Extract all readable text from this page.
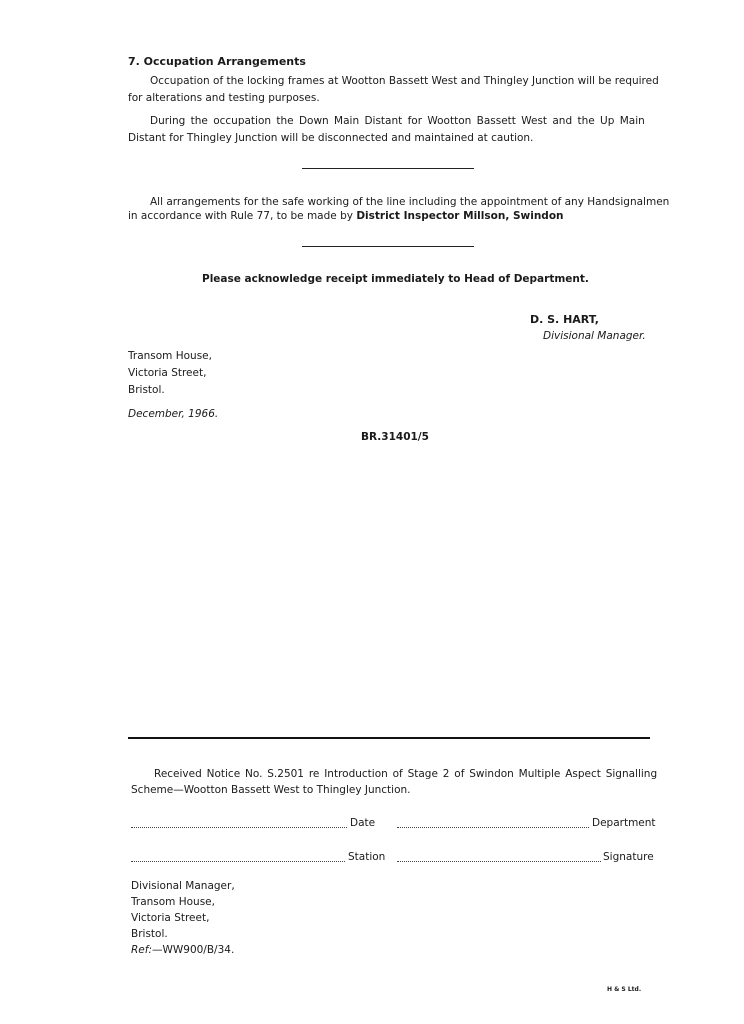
7. Occupation Arrangements
Occupation of the locking frames at Wootton Bassett West and Thingley Junction will be required
for alterations and testing purposes.
During the occupation the Down Main Distant for Wootton Bassett West and the Up Main
Distant for Thingley Junction will be disconnected and maintained at caution.
All arrangements for the safe working of the line including the appointment of any Handsignalmen
in accordance with Rule 77, to be made by District Inspector Millson, Swindon
Please acknowledge receipt immediately to Head of Department.
D. S. HART,
Divisional Manager.
Transom House,
Victoria Street,
Bristol.
December, 1966.
BR.31401/5
Received Notice No. S.2501 re Introduction of Stage 2 of Swindon Multiple Aspect Signalling
Scheme—Wootton Bassett West to Thingley Junction.
Date	Department
Station	Signature
Divisional Manager,
Transom House,
Victoria Street,
Bristol.
Ref:—WW900/B/34.
H & S Ltd.
